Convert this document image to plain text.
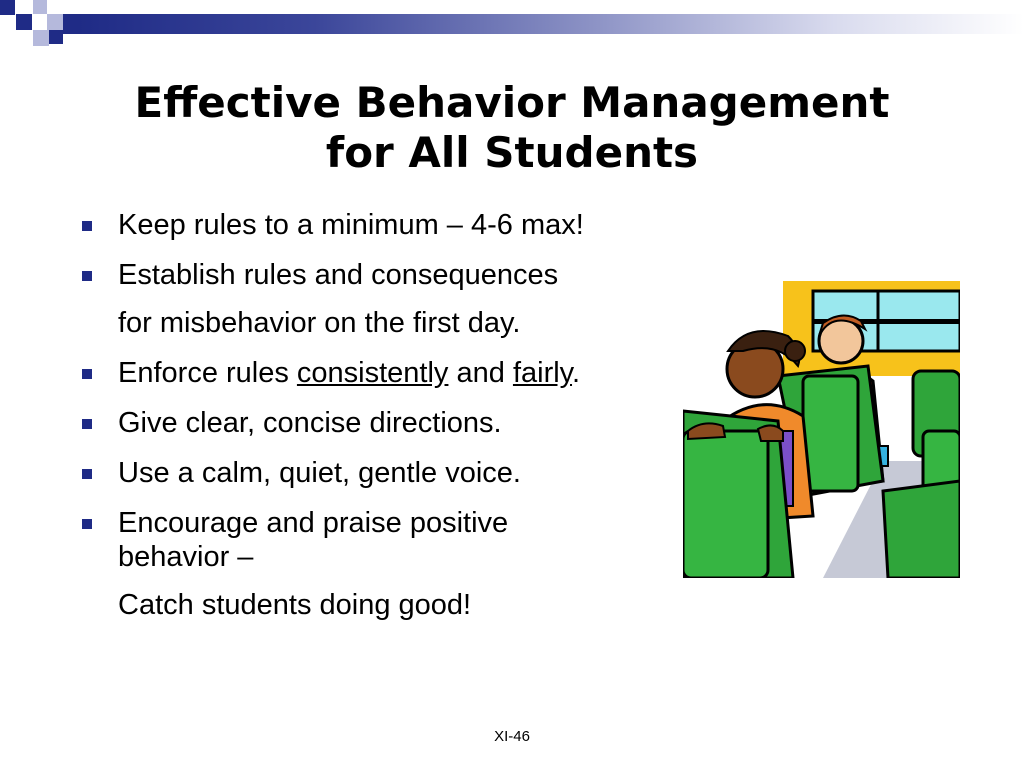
Effective Behavior Management
for All Students
Keep rules to a minimum – 4-6 max!
Establish rules and consequences
for misbehavior on the first day.
Enforce rules consistently and fairly.
Give clear, concise directions.
Use a calm, quiet, gentle voice.
Encourage and praise positive behavior –
Catch students doing good!
XI-46
